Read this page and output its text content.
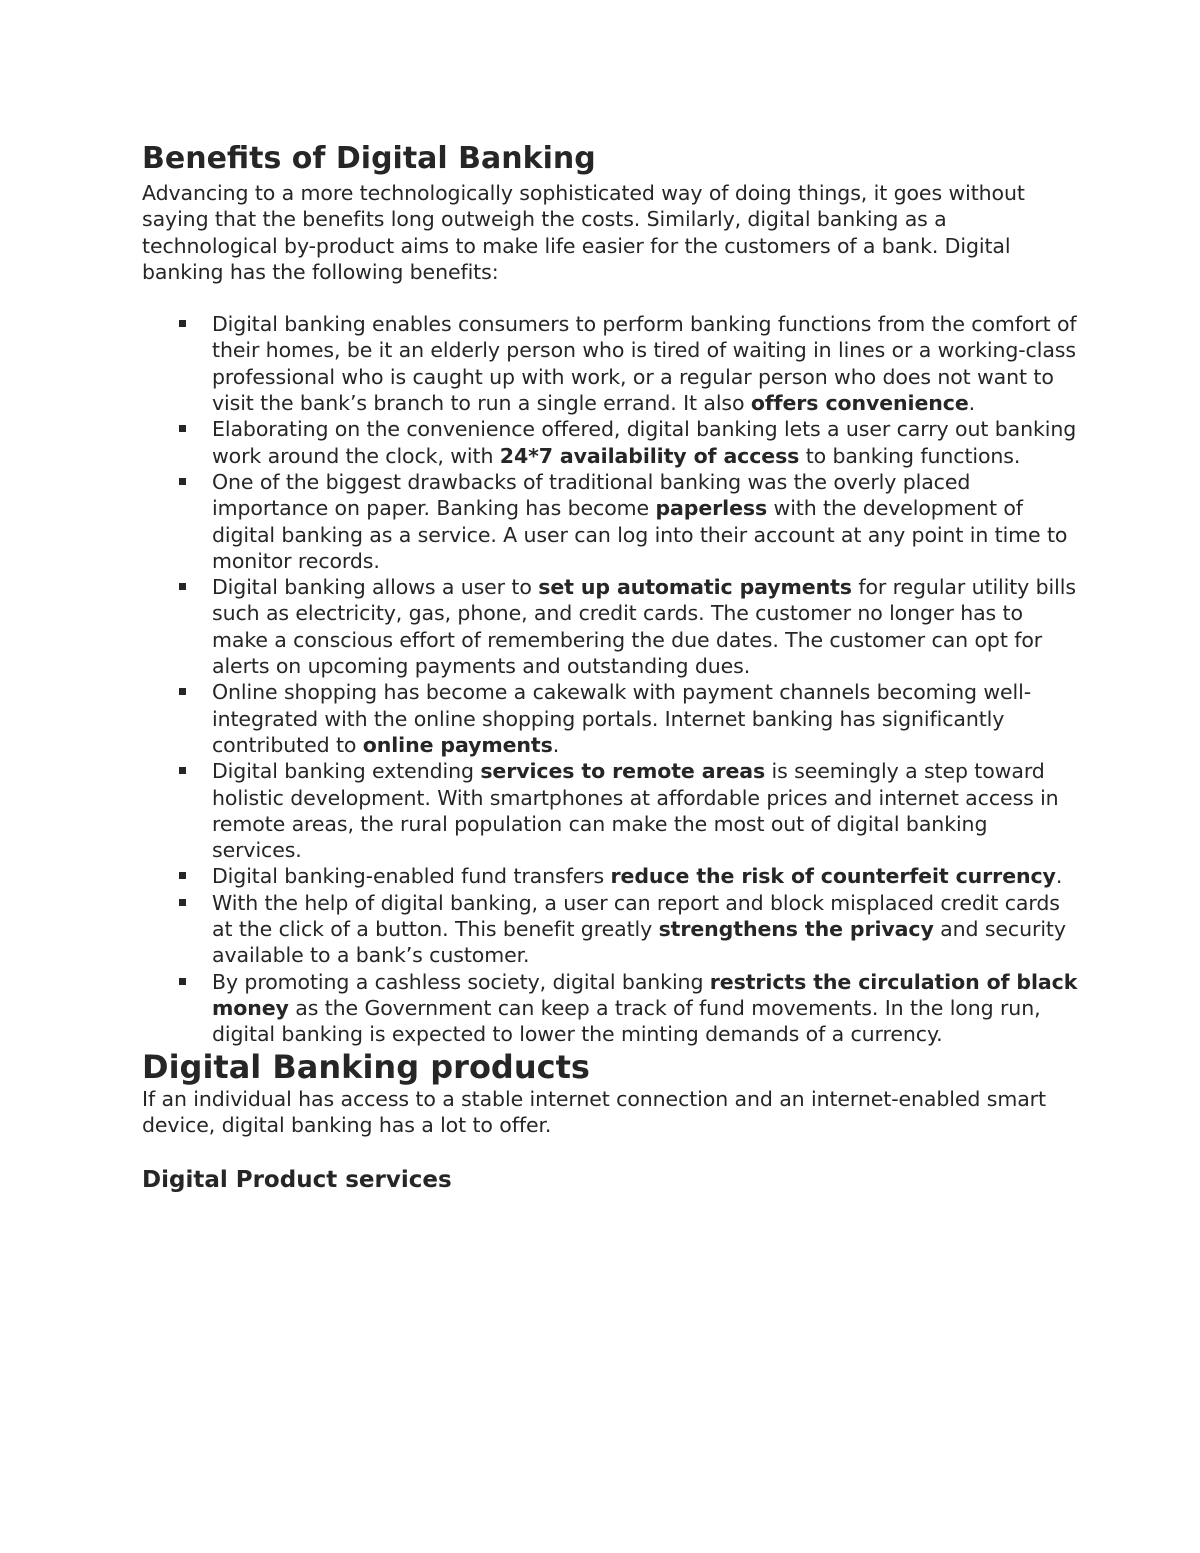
Benefits of Digital Banking

Advancing to a more technologically sophisticated way of doing things, it goes without saying that the benefits long outweigh the costs. Similarly, digital banking as a technological by-product aims to make life easier for the customers of a bank. Digital banking has the following benefits:

Digital banking enables consumers to perform banking functions from the comfort of their homes, be it an elderly person who is tired of waiting in lines or a working-class professional who is caught up with work, or a regular person who does not want to visit the bank’s branch to run a single errand. It also offers convenience.
Elaborating on the convenience offered, digital banking lets a user carry out banking work around the clock, with 24*7 availability of access to banking functions.
One of the biggest drawbacks of traditional banking was the overly placed importance on paper. Banking has become paperless with the development of digital banking as a service. A user can log into their account at any point in time to monitor records.
Digital banking allows a user to set up automatic payments for regular utility bills such as electricity, gas, phone, and credit cards. The customer no longer has to make a conscious effort of remembering the due dates. The customer can opt for alerts on upcoming payments and outstanding dues.
Online shopping has become a cakewalk with payment channels becoming well-integrated with the online shopping portals. Internet banking has significantly contributed to online payments.
Digital banking extending services to remote areas is seemingly a step toward holistic development. With smartphones at affordable prices and internet access in remote areas, the rural population can make the most out of digital banking services.
Digital banking-enabled fund transfers reduce the risk of counterfeit currency.
With the help of digital banking, a user can report and block misplaced credit cards at the click of a button. This benefit greatly strengthens the privacy and security available to a bank’s customer.
By promoting a cashless society, digital banking restricts the circulation of black money as the Government can keep a track of fund movements. In the long run, digital banking is expected to lower the minting demands of a currency.
Digital Banking products

If an individual has access to a stable internet connection and an internet-enabled smart device, digital banking has a lot to offer.

Digital Product services
